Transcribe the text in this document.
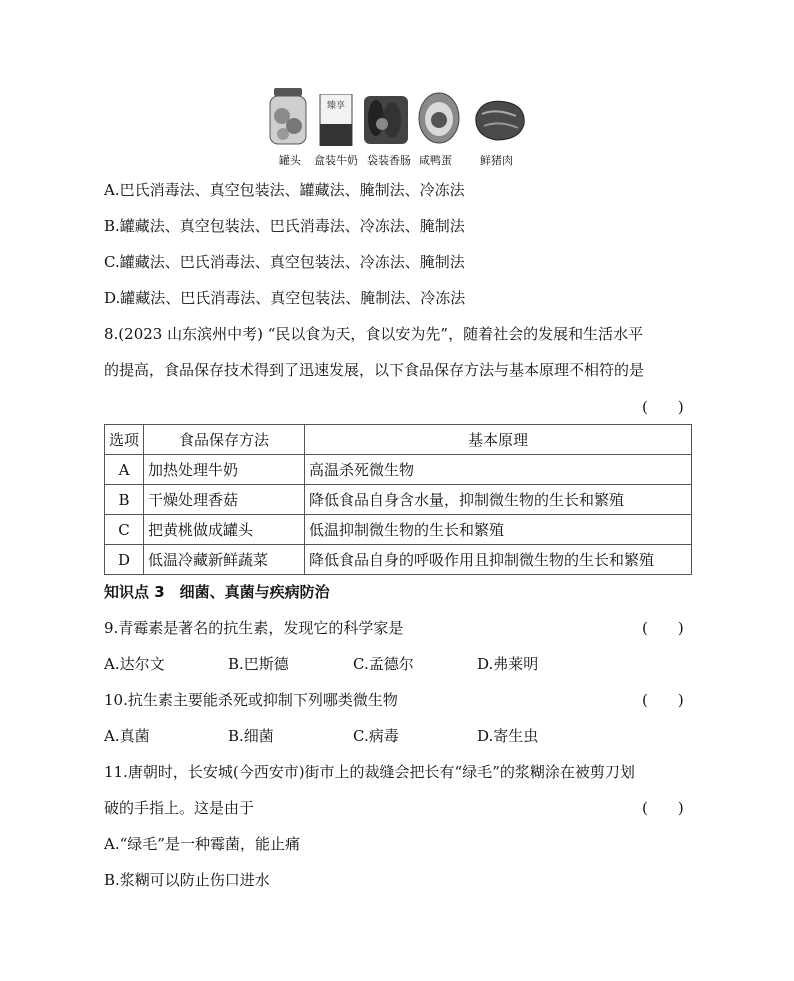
臻享
罐头 盒装牛奶 袋装香肠 咸鸭蛋	鲜猪肉
A.巴氏消毒法、真空包装法、罐藏法、腌制法、冷冻法
B.罐藏法、真空包装法、巴氏消毒法、冷冻法、腌制法
C.罐藏法、巴氏消毒法、真空包装法、冷冻法、腌制法
D.罐藏法、巴氏消毒法、真空包装法、腌制法、冷冻法
8.(2023 山东滨州中考) “民以食为天，食以安为先”，随着社会的发展和生活水平
的提高，食品保存技术得到了迅速发展，以下食品保存方法与基本原理不相符的是
(　　)
选项	食品保存方法	基本原理
A	加热处理牛奶	高温杀死微生物
B	干燥处理香菇	降低食品自身含水量，抑制微生物的生长和繁殖
C	把黄桃做成罐头	低温抑制微生物的生长和繁殖
D	低温冷藏新鲜蔬菜	降低食品自身的呼吸作用且抑制微生物的生长和繁殖
知识点 3　细菌、真菌与疾病防治
9.青霉素是著名的抗生素，发现它的科学家是	(　　)
A.达尔文	B.巴斯德	C.孟德尔	D.弗莱明
10.抗生素主要能杀死或抑制下列哪类微生物	(　　)
A.真菌	B.细菌	C.病毒	D.寄生虫
11.唐朝时，长安城(今西安市)街市上的裁缝会把长有“绿毛”的浆糊涂在被剪刀划
破的手指上。这是由于	(　　)
A.“绿毛”是一种霉菌，能止痛
B.浆糊可以防止伤口进水
